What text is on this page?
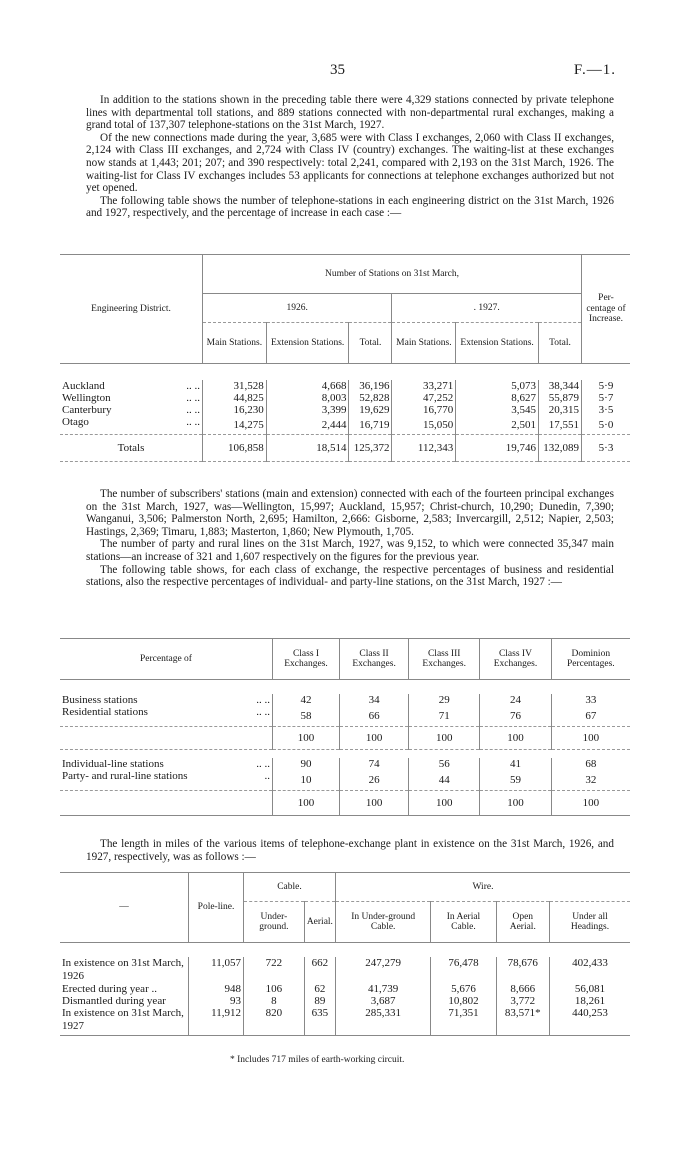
35	F.—1.

In addition to the stations shown in the preceding table there were 4,329 stations connected by private telephone lines with departmental toll stations, and 889 stations connected with non-departmental rural exchanges, making a grand total of 137,307 telephone-stations on the 31st March, 1927.

Of the new connections made during the year, 3,685 were with Class I exchanges, 2,060 with Class II exchanges, 2,124 with Class III exchanges, and 2,724 with Class IV (country) exchanges. The waiting-list at these exchanges now stands at 1,443; 201; 207; and 390 respectively: total 2,241, compared with 2,193 on the 31st March, 1926. The waiting-list for Class IV exchanges includes 53 applicants for connections at telephone exchanges authorized but not yet opened.

The following table shows the number of telephone-stations in each engineering district on the 31st March, 1926 and 1927, respectively, and the percentage of increase in each case :—

Engineering District.	Number of Stations on 31st March,						Per-centage of Increase.
	1926.			. 1927.			
	Main Stations.	Extension Stations.	Total.	Main Stations.	Extension Stations.	Total.	

Auckland .. ..	31,528	4,668	36,196	33,271	5,073	38,344	5·9
Wellington .. ..	44,825	8,003	52,828	47,252	8,627	55,879	5·7
Canterbury .. ..	16,230	3,399	19,629	16,770	3,545	20,315	3·5
Otago .. ..	14,275	2,444	16,719	15,050	2,501	17,551	5·0
Totals	106,858	18,514	125,372	112,343	19,746	132,089	5·3

The number of subscribers' stations (main and extension) connected with each of the fourteen principal exchanges on the 31st March, 1927, was—Wellington, 15,997; Auckland, 15,957; Christ-church, 10,290; Dunedin, 7,390; Wanganui, 3,506; Palmerston North, 2,695; Hamilton, 2,666: Gisborne, 2,583; Invercargill, 2,512; Napier, 2,503; Hastings, 2,369; Timaru, 1,883; Masterton, 1,860; New Plymouth, 1,705.

The number of party and rural lines on the 31st March, 1927, was 9,152, to which were connected 35,347 main stations—an increase of 321 and 1,607 respectively on the figures for the previous year.

The following table shows, for each class of exchange, the respective percentages of business and residential stations, also the respective percentages of individual- and party-line stations, on the 31st March, 1927 :—

Percentage of	Class I Exchanges.	Class II Exchanges.	Class III Exchanges.	Class IV Exchanges.	Dominion Percentages.

Business stations .. ..	42	34	29	24	33
Residential stations .. ..	58	66	71	76	67
	100	100	100	100	100

Individual-line stations .. ..	90	74	56	41	68
Party- and rural-line stations ..	10	26	44	59	32
	100	100	100	100	100

The length in miles of the various items of telephone-exchange plant in existence on the 31st March, 1926, and 1927, respectively, was as follows :—

—	Pole-line.	Cable.		Wire.			
		Under-ground.	Aerial.	In Under-ground Cable.	In Aerial Cable.	Open Aerial.	Under all Headings.

In existence on 31st March, 1926	11,057	722	662	247,279	76,478	78,676	402,433
Erected during year ..	948	106	62	41,739	5,676	8,666	56,081
Dismantled during year	93	8	89	3,687	10,802	3,772	18,261
In existence on 31st March, 1927	11,912	820	635	285,331	71,351	83,571*	440,253
* Includes 717 miles of earth-working circuit.
